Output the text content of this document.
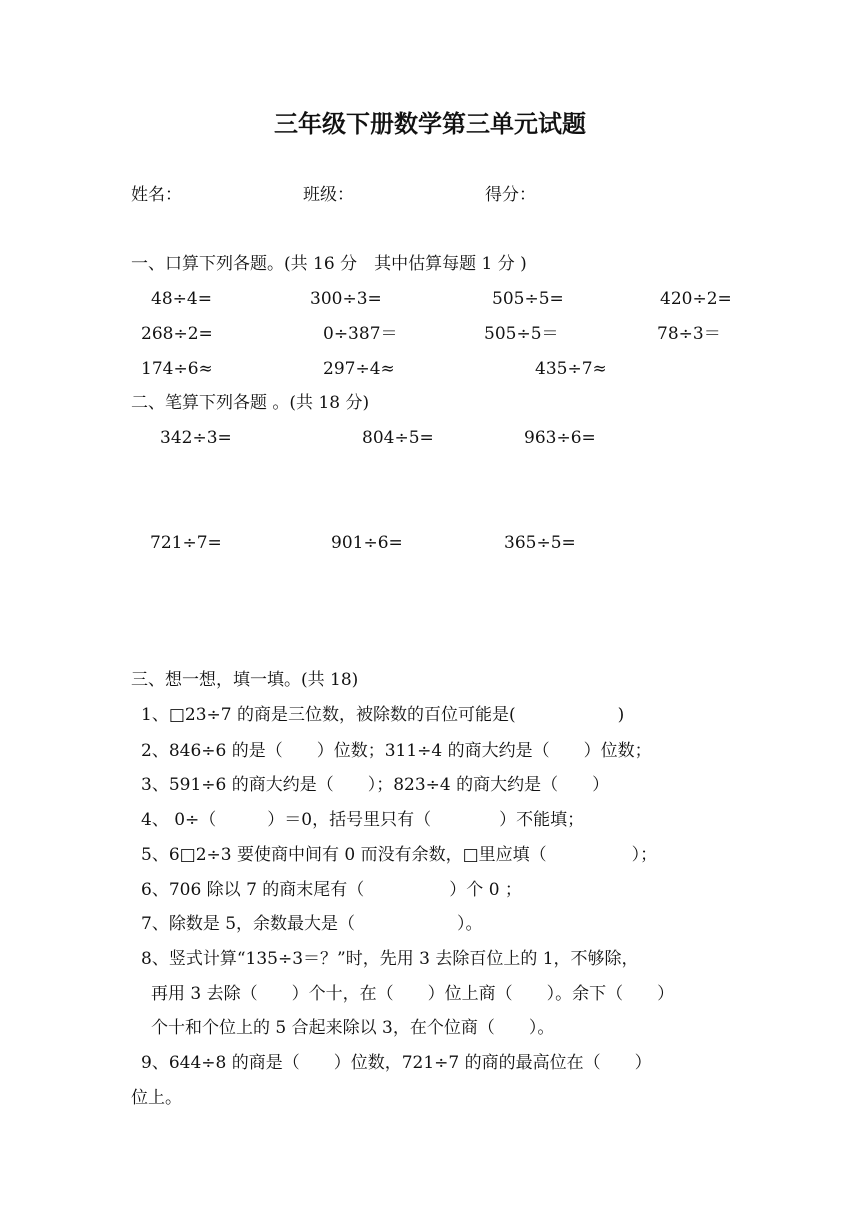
三年级下册数学第三单元试题
姓名：	班级：	得分：
一、口算下列各题。(共 16 分　其中估算每题 1 分 )
48÷4=	300÷3=	505÷5=	420÷2=
268÷2=	0÷387＝	505÷5＝	78÷3＝
174÷6≈	297÷4≈	435÷7≈
二、笔算下列各题 。(共 18 分)
342÷3=	804÷5=	963÷6=
721÷7=	901÷6=	365÷5=
三、想一想，填一填。(共 18)
1、□23÷7 的商是三位数，被除数的百位可能是(　　　　　　)
2、846÷6 的是（　　）位数；311÷4 的商大约是（　　）位数；
3、591÷6 的商大约是（　　）；823÷4 的商大约是（　　）
4、 0÷（　　　）＝0，括号里只有（　　　　）不能填；
5、6□2÷3 要使商中间有 0 而没有余数，□里应填（　　　　　）；
6、706 除以 7 的商末尾有（　　　　　）个 0 ；
7、除数是 5，余数最大是（　　　　　　）。
8、竖式计算“135÷3＝？”时，先用 3 去除百位上的 1，不够除，
再用 3 去除（　　）个十，在（　　）位上商（　　）。余下（　　）
个十和个位上的 5 合起来除以 3，在个位商（　　）。
9、644÷8 的商是（　　）位数，721÷7 的商的最高位在（　　）
位上。
